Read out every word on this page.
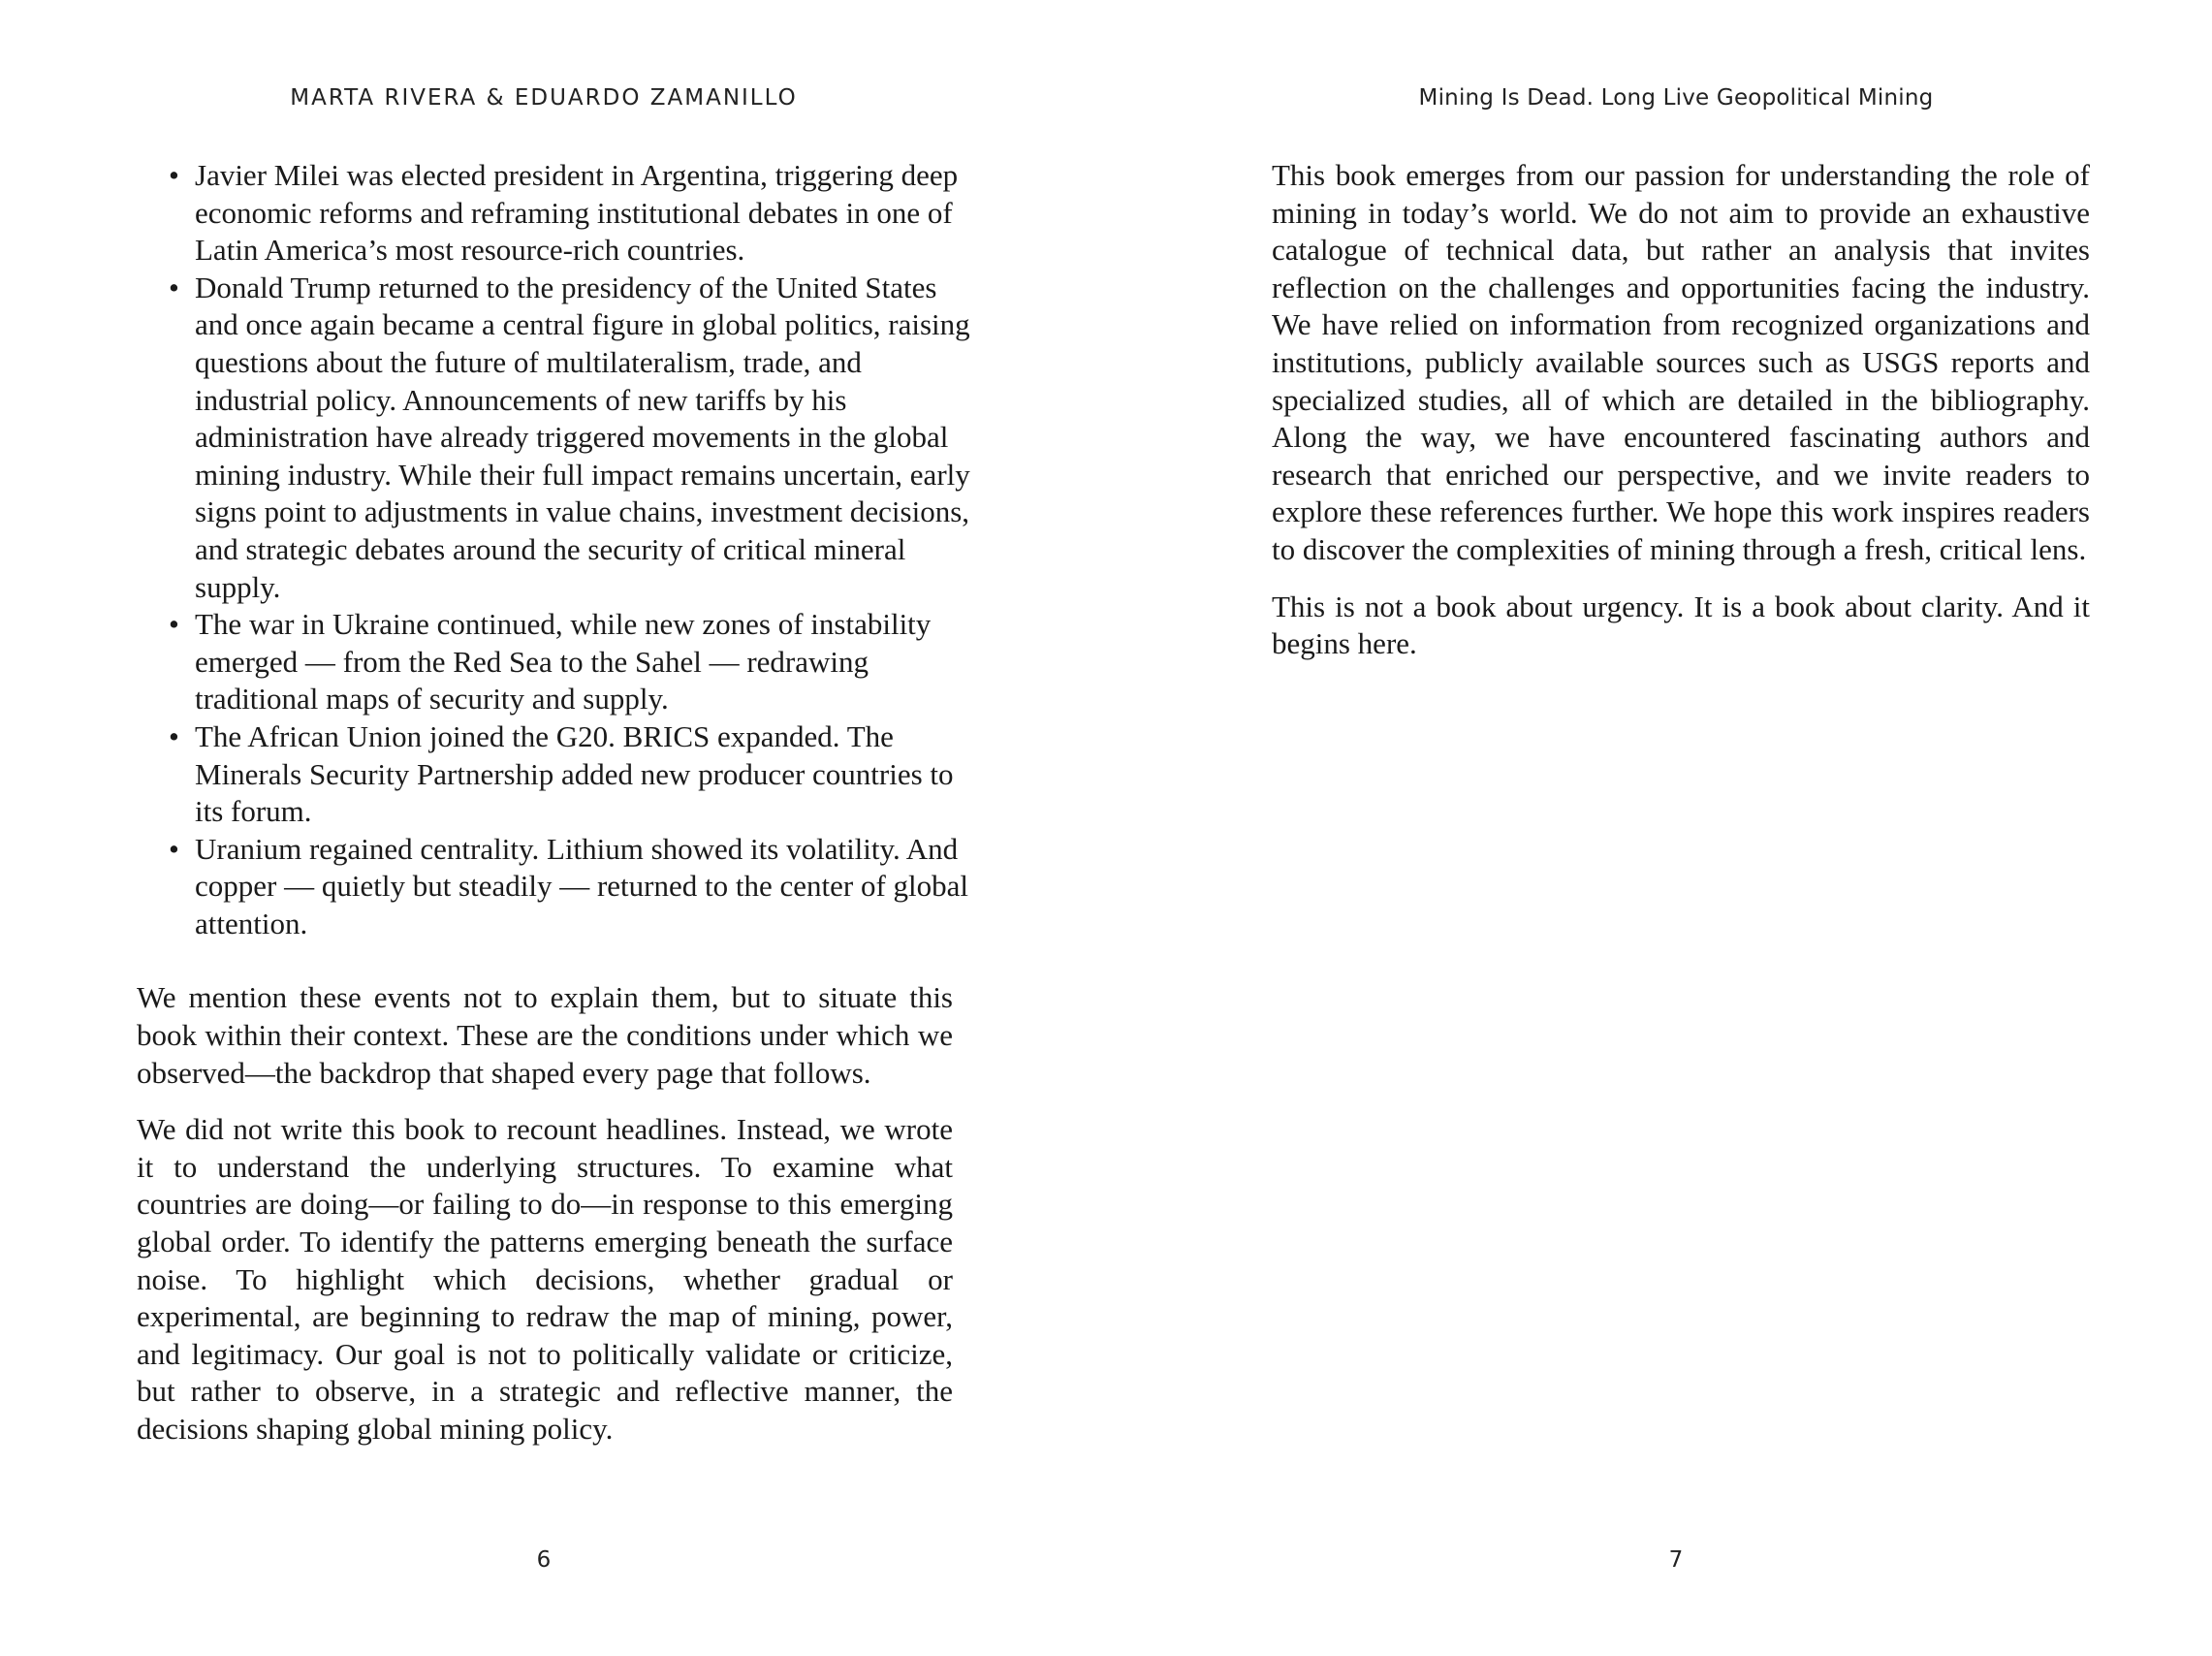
MARTA RIVERA & EDUARDO ZAMANILLO
• Javier Milei was elected president in Argentina, triggering deep economic reforms and reframing institutional debates in one of Latin America’s most resource-rich countries.
• Donald Trump returned to the presidency of the United States and once again became a central figure in global politics, raising questions about the future of multilateralism, trade, and industrial policy. Announcements of new tariffs by his administration have already triggered movements in the global mining industry. While their full impact remains uncertain, early signs point to adjustments in value chains, investment decisions, and strategic debates around the security of critical mineral supply.
• The war in Ukraine continued, while new zones of instability emerged — from the Red Sea to the Sahel — redrawing traditional maps of security and supply.
• The African Union joined the G20. BRICS expanded. The Minerals Security Partnership added new producer countries to its forum.
• Uranium regained centrality. Lithium showed its volatility. And copper — quietly but steadily — returned to the center of global attention.

We mention these events not to explain them, but to situate this book within their context. These are the conditions under which we observed—the backdrop that shaped every page that follows.

We did not write this book to recount headlines. Instead, we wrote it to understand the underlying structures. To examine what countries are doing—or failing to do—in response to this emerging global order. To identify the patterns emerging beneath the surface noise. To highlight which decisions, whether gradual or experimental, are beginning to redraw the map of mining, power, and legitimacy. Our goal is not to politically validate or criticize, but rather to observe, in a strategic and reflective manner, the decisions shaping global mining policy.

6
Mining Is Dead. Long Live Geopolitical Mining

This book emerges from our passion for understanding the role of mining in today’s world. We do not aim to provide an exhaustive catalogue of technical data, but rather an analysis that invites reflection on the challenges and opportunities facing the industry. We have relied on information from recognized organizations and institutions, publicly available sources such as USGS reports and specialized studies, all of which are detailed in the bibliography. Along the way, we have encountered fascinating authors and research that enriched our perspective, and we invite readers to explore these references further. We hope this work inspires readers to discover the complexities of mining through a fresh, critical lens.

This is not a book about urgency. It is a book about clarity. And it begins here.

7
